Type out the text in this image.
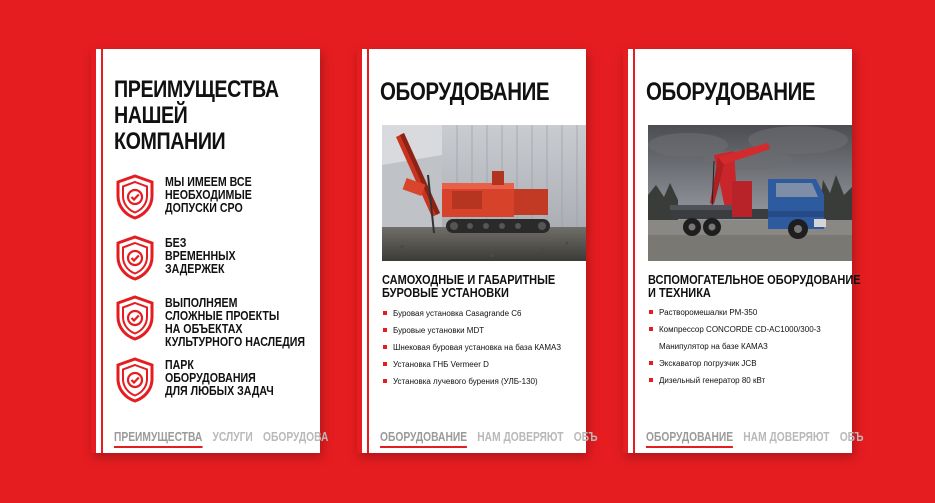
ПРЕИМУЩЕСТВА
НАШЕЙ
КОМПАНИИ
МЫ ИМЕЕМ ВСЕ
НЕОБХОДИМЫЕ
ДОПУСКИ СРО
БЕЗ
ВРЕМЕННЫХ
ЗАДЕРЖЕК
ВЫПОЛНЯЕМ
СЛОЖНЫЕ ПРОЕКТЫ
НА ОБЪЕКТАХ
КУЛЬТУРНОГО НАСЛЕДИЯ
ПАРК
ОБОРУДОВАНИЯ
ДЛЯ ЛЮБЫХ ЗАДАЧ
ПРЕИМУЩЕСТВА УСЛУГИ ОБОРУДОВА
ОБОРУДОВАНИЕ
САМОХОДНЫЕ И ГАБАРИТНЫЕ
БУРОВЫЕ УСТАНОВКИ
Буровая установка Casagrande C6
Буровые установки MDT
Шнековая буровая установка на база КАМАЗ
Установка ГНБ Vermeer D
Установка лучевого бурения (УЛБ-130)
ОБОРУДОВАНИЕ НАМ ДОВЕРЯЮТ ОБЪ
ОБОРУДОВАНИЕ
ВСПОМОГАТЕЛЬНОЕ ОБОРУДОВАНИЕ
И ТЕХНИКА
Растворомешалки РМ-350
Компрессор CONCORDE CD-AC1000/300-3
Манипулятор на базе КАМАЗ
Экскаватор погрузчик JCB
Дизельный генератор 80 кВт
ОБОРУДОВАНИЕ НАМ ДОВЕРЯЮТ ОБЪ
